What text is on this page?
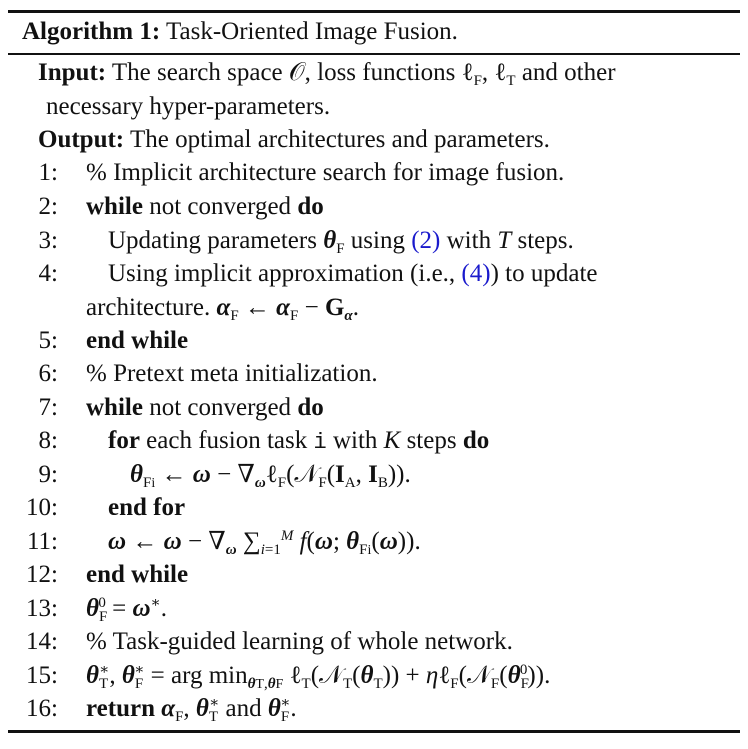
Algorithm 1: Task-Oriented Image Fusion.
Input: The search space 𝒪, loss functions ℓ$_F$, ℓ$_T$ and other
necessary hyper-parameters.
Output: The optimal architectures and parameters.
1: % Implicit architecture search for image fusion.
2: while not converged do
3: Updating parameters $\theta_F$ using (2) with T steps.
4: Using implicit approximation (i.e., (4)) to update
architecture. $\alpha_F$ ← $\alpha_F - G_\alpha$.
5: end while
6: % Pretext meta initialization.
7: while not converged do
8: for each fusion task i with K steps do
9:	$\theta_{Fi}$ ← $\omega - \nabla_\omega\ell_F(𝒩_F(I_A$, $I_B$)).
10: end for
11: ω ← $\omega - \nabla_\omega$ $\sum_{i=1}^M$ f(ω; $\theta_{Fi}(\omega)$).
12: end while
13: $\theta_F^0 = \omega^∗$.
14: % Task-guided learning of whole network.
15: $\theta_T^∗$, $\theta_F^∗$ = arg $\min_{\theta T,\theta F}$ $\ell_T(𝒩_T(\theta_T))$ + $\eta\ell_F(𝒩_F(\theta_F^0))$.
16: return $\alpha_F$, $\theta_T^∗$ and $\theta_F^∗$.
